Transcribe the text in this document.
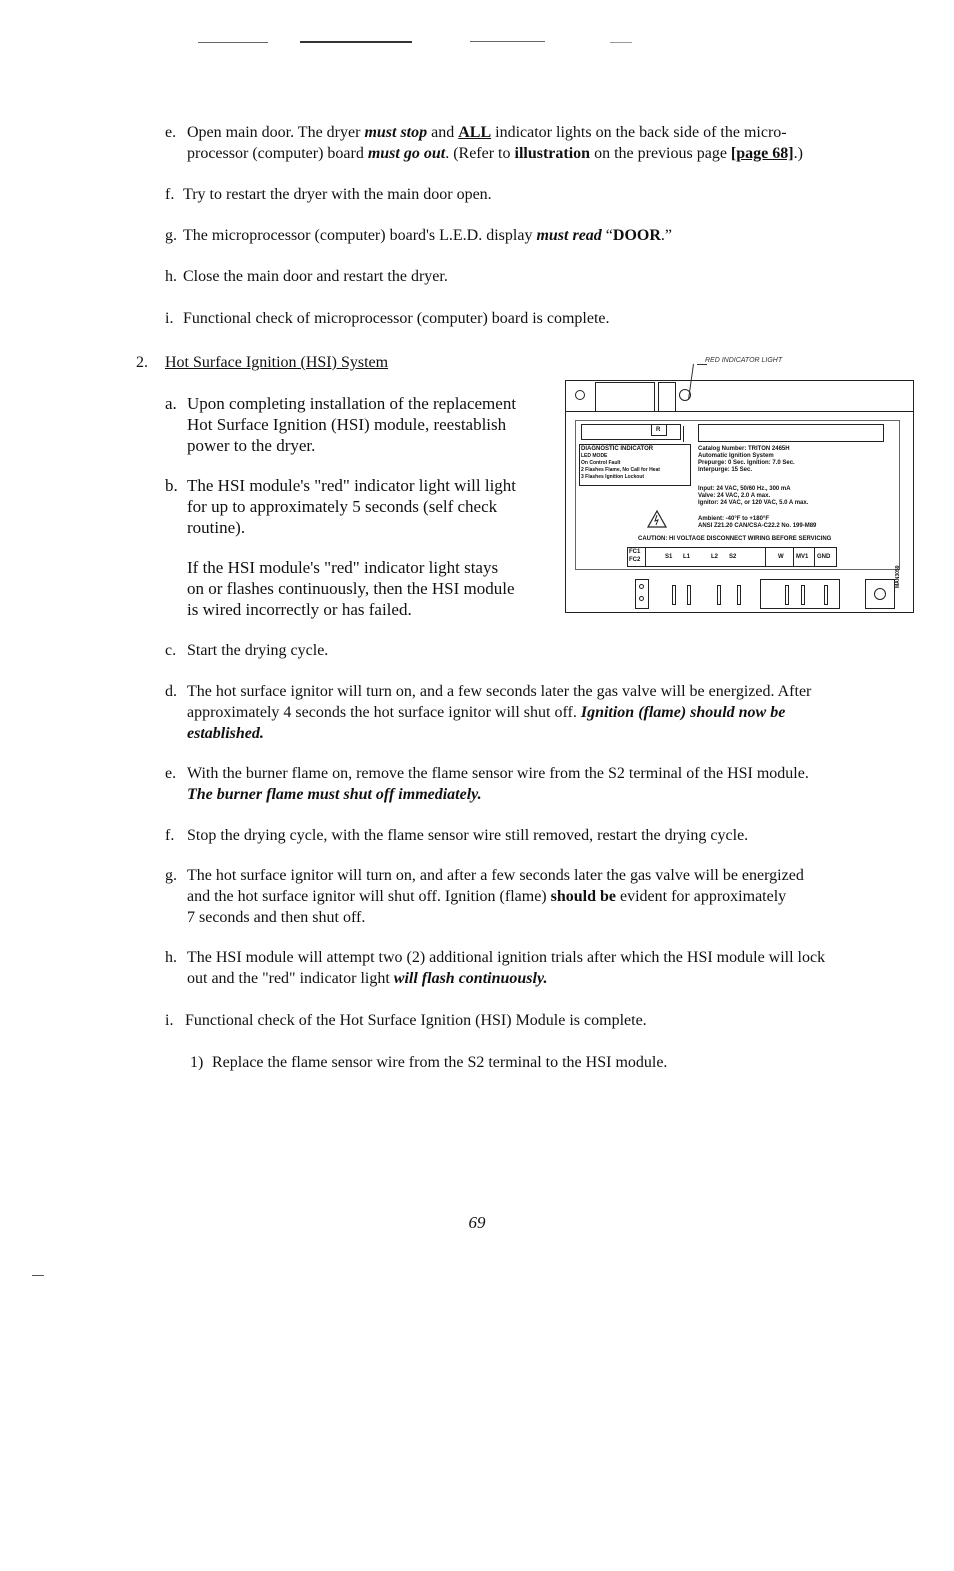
e. Open main door. The dryer must stop and ALL indicator lights on the back side of the micro-
processor (computer) board must go out. (Refer to illustration on the previous page [page 68].)
f. Try to restart the dryer with the main door open.
g. The microprocessor (computer) board's L.E.D. display must read “DOOR.”
h. Close the main door and restart the dryer.
i. Functional check of microprocessor (computer) board is complete.
2. Hot Surface Ignition (HSI) System
a. Upon completing installation of the replacement
Hot Surface Ignition (HSI) module, reestablish
power to the dryer.
b. The HSI module's "red" indicator light will light
for up to approximately 5 seconds (self check
routine).
If the HSI module's "red" indicator light stays
on or flashes continuously, then the HSI module
is wired incorrectly or has failed.
RED INDICATOR LIGHT
R
DIAGNOSTIC INDICATOR
LED MODE
On Control Fault
2 Flashes Flame, No Call for Heat
3 Flashes Ignition Lockout
Catalog Number: TRITON 2465H
Automatic Ignition System
Prepurge: 0 Sec. Ignition: 7.0 Sec.
Interpurge: 15 Sec.
Input: 24 VAC, 50/60 Hz., 300 mA
Valve: 24 VAC, 2.0 A max.
Ignitor: 24 VAC, or 120 VAC, 5.0 A max.
Ambient: -40°F to +180°F
ANSI Z21.20 CAN/CSA-C22.2 No. 199-M89
CAUTION: HI VOLTAGE DISCONNECT WIRING BEFORE SERVICING
FC1
FC2	S1 L1	L2 S2	W MV1 GND
MAN3059
c. Start the drying cycle.
d. The hot surface ignitor will turn on, and a few seconds later the gas valve will be energized. After
approximately 4 seconds the hot surface ignitor will shut off. Ignition (flame) should now be
established.
e. With the burner flame on, remove the flame sensor wire from the S2 terminal of the HSI module.
The burner flame must shut off immediately.
f. Stop the drying cycle, with the flame sensor wire still removed, restart the drying cycle.
g. The hot surface ignitor will turn on, and after a few seconds later the gas valve will be energized
and the hot surface ignitor will shut off. Ignition (flame) should be evident for approximately
7 seconds and then shut off.
h. The HSI module will attempt two (2) additional ignition trials after which the HSI module will lock
out and the "red" indicator light will flash continuously.
i. Functional check of the Hot Surface Ignition (HSI) Module is complete.
1) Replace the flame sensor wire from the S2 terminal to the HSI module.
69
